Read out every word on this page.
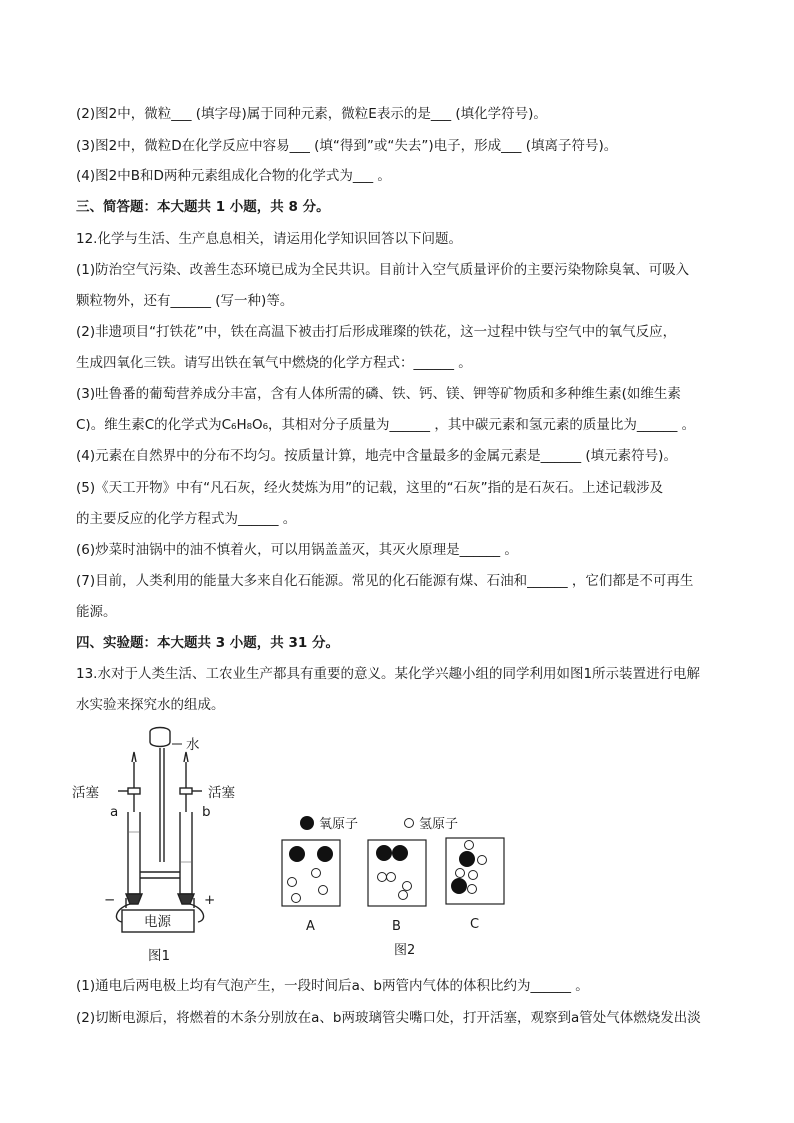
(2)图2中，微粒___ (填字母)属于同种元素，微粒E表示的是___ (填化学符号)。
(3)图2中，微粒D在化学反应中容易___ (填“得到”或“失去”)电子，形成___ (填离子符号)。
(4)图2中B和D两种元素组成化合物的化学式为___ 。
三、简答题：本大题共 1 小题，共 8 分。
12.化学与生活、生产息息相关，请运用化学知识回答以下问题。
(1)防治空气污染、改善生态环境已成为全民共识。目前计入空气质量评价的主要污染物除臭氧、可吸入
颗粒物外，还有______ (写一种)等。
(2)非遗项目“打铁花”中，铁在高温下被击打后形成璀璨的铁花，这一过程中铁与空气中的氧气反应，
生成四氧化三铁。请写出铁在氧气中燃烧的化学方程式：______ 。
(3)吐鲁番的葡萄营养成分丰富，含有人体所需的磷、铁、钙、镁、钾等矿物质和多种维生素(如维生素
C)。维生素C的化学式为C₆H₈O₆，其相对分子质量为______ ，其中碳元素和氢元素的质量比为______ 。
(4)元素在自然界中的分布不均匀。按质量计算，地壳中含量最多的金属元素是______ (填元素符号)。
(5)《天工开物》中有“凡石灰，经火焚炼为用”的记载，这里的“石灰”指的是石灰石。上述记载涉及
的主要反应的化学方程式为______ 。
(6)炒菜时油锅中的油不慎着火，可以用锅盖盖灭，其灭火原理是______ 。
(7)目前，人类利用的能量大多来自化石能源。常见的化石能源有煤、石油和______ ，它们都是不可再生
能源。
四、实验题：本大题共 3 小题，共 31 分。
13.水对于人类生活、工农业生产都具有重要的意义。某化学兴趣小组的同学利用如图1所示装置进行电解
水实验来探究水的组成。
水
活塞	活塞
a	b
−	+
电源
图1
氧原子	氢原子
A	B	C
图2
(1)通电后两电极上均有气泡产生，一段时间后a、b两管内气体的体积比约为______ 。
(2)切断电源后，将燃着的木条分别放在a、b两玻璃管尖嘴口处，打开活塞，观察到a管处气体燃烧发出淡
